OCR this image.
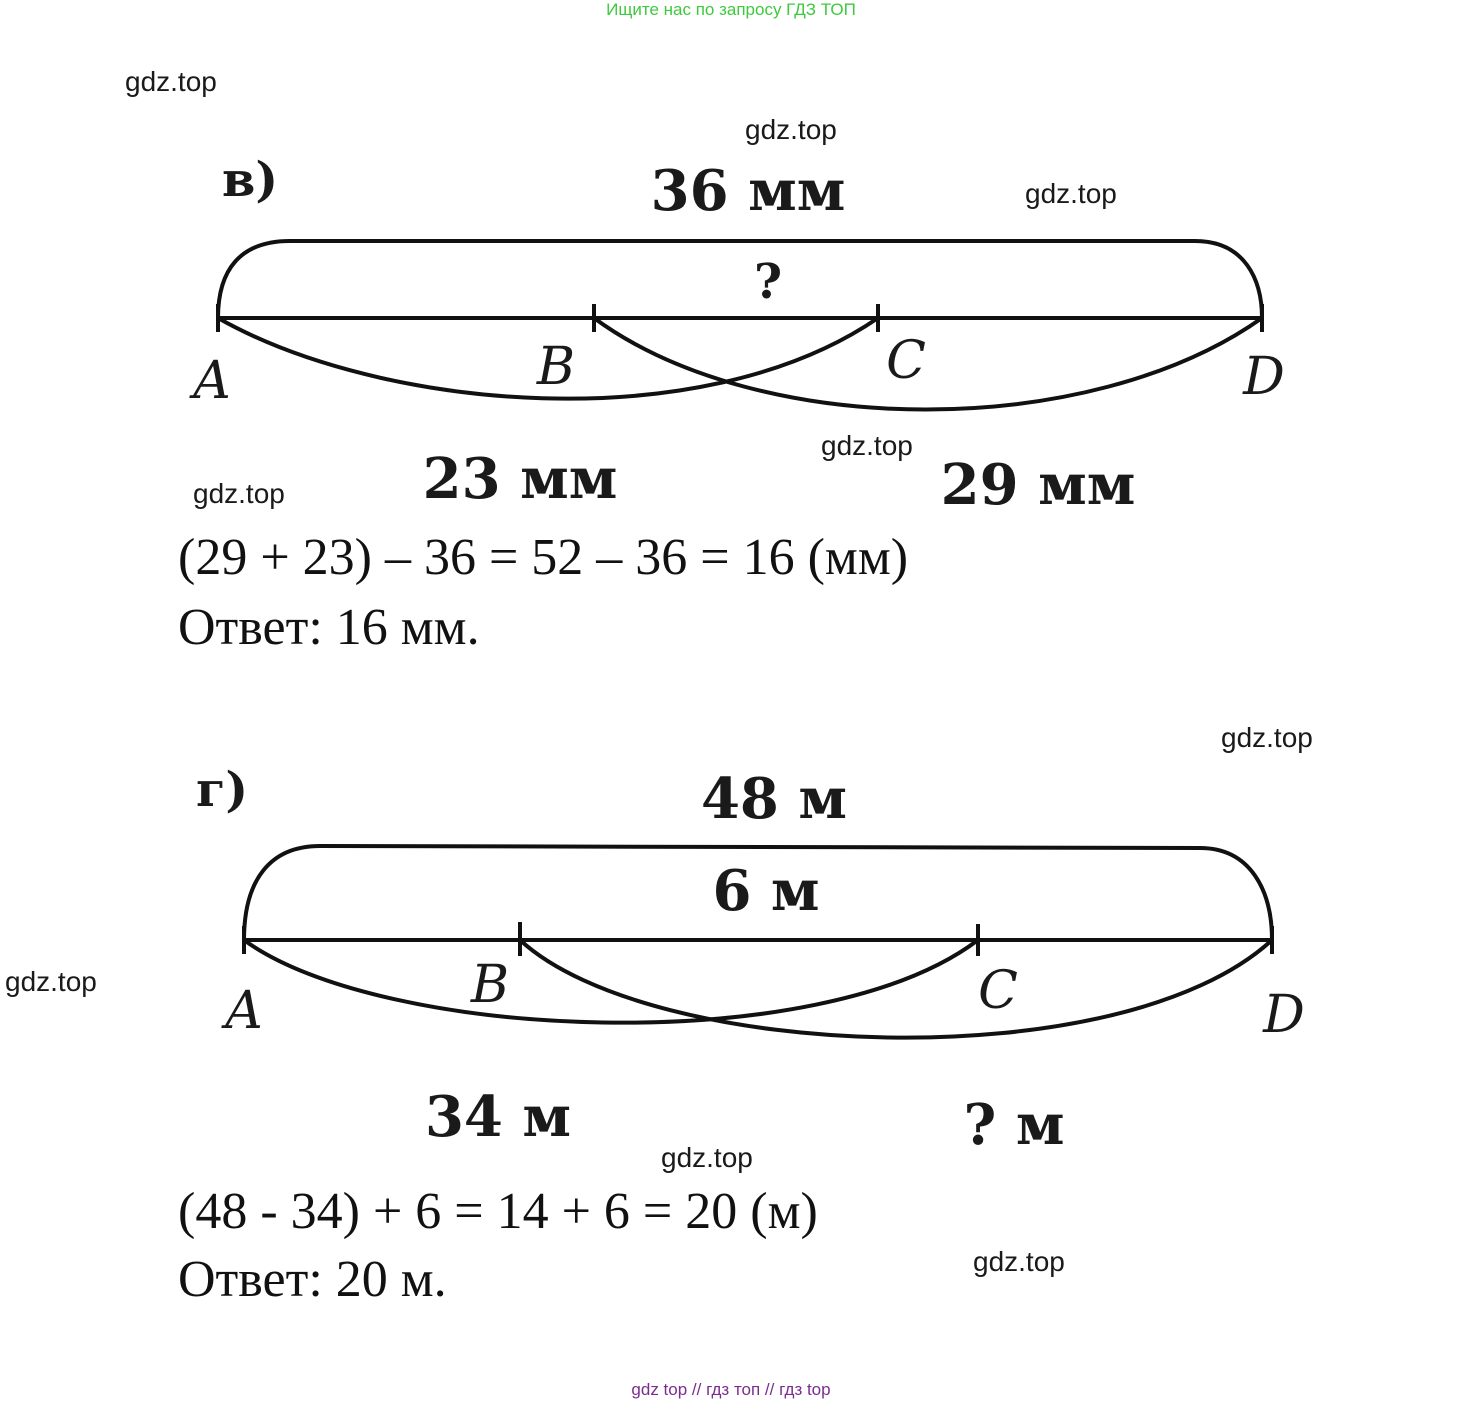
Ищите нас по запросу ГДЗ ТОП
в)	36 мм
?
A	B	C	D
23 мм	29 мм
(29 + 23) – 36 = 52 – 36 = 16 (мм)
Ответ: 16 мм.
г)	48 м
6 м
A	B	C	D
34 м	? м
(48 - 34) + 6 = 14 + 6 = 20 (м)
Ответ: 20 м.
gdz.top
gdz.top
gdz.top
gdz.top
gdz.top
gdz.top
gdz.top
gdz.top
gdz.top
gdz top // гдз топ // гдз top
